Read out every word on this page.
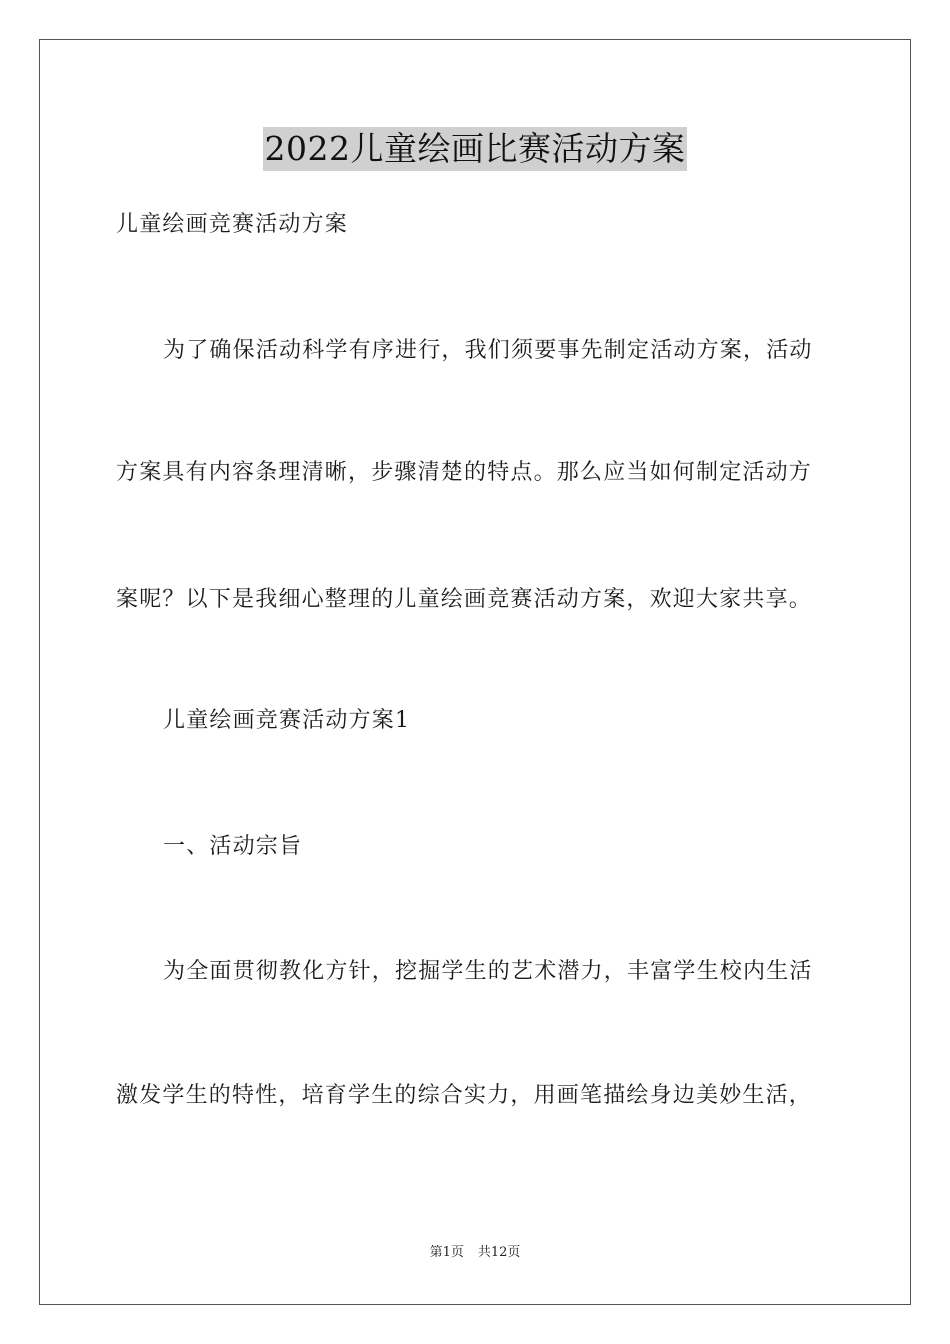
2022儿童绘画比赛活动方案
儿童绘画竞赛活动方案
为了确保活动科学有序进行，我们须要事先制定活动方案，活动
方案具有内容条理清晰，步骤清楚的特点。那么应当如何制定活动方
案呢？以下是我细心整理的儿童绘画竞赛活动方案，欢迎大家共享。
儿童绘画竞赛活动方案1
一、活动宗旨
为全面贯彻教化方针，挖掘学生的艺术潜力，丰富学生校内生活
激发学生的特性，培育学生的综合实力，用画笔描绘身边美妙生活，
第1页 共12页
